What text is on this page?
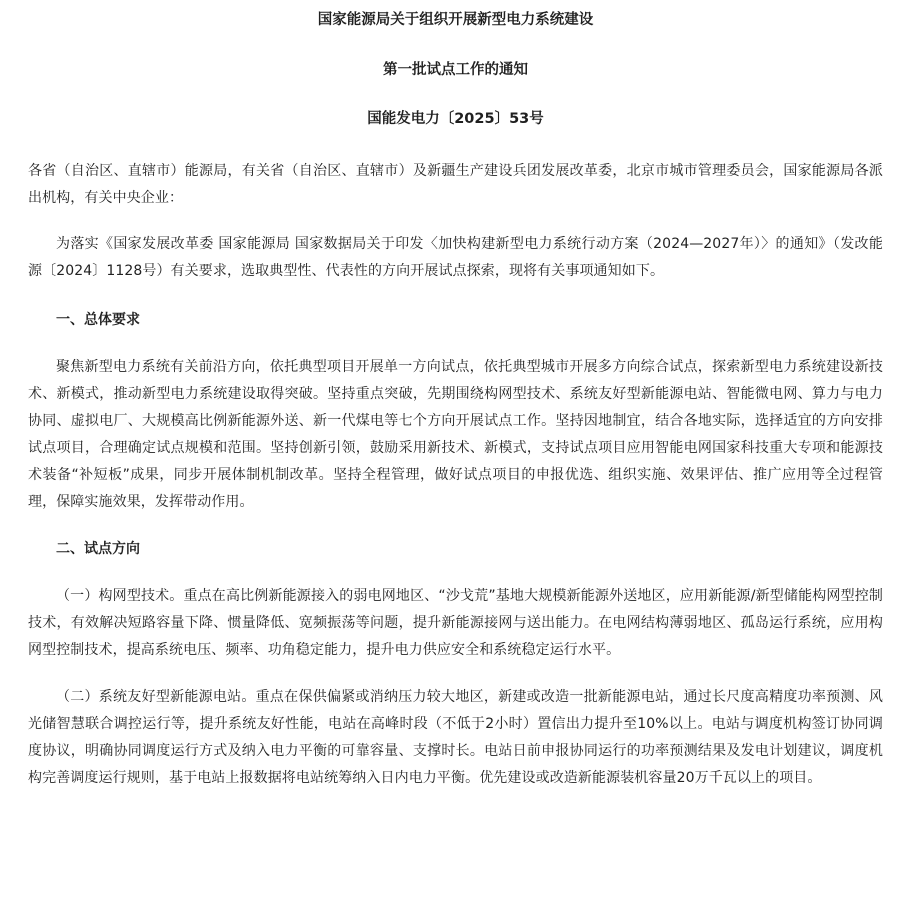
国家能源局关于组织开展新型电力系统建设
第一批试点工作的通知
国能发电力〔2025〕53号

各省（自治区、直辖市）能源局，有关省（自治区、直辖市）及新疆生产建设兵团发展改革委，北京市城市管理委员会，国家能源局各派出机构，有关中央企业：

为落实《国家发展改革委 国家能源局 国家数据局关于印发〈加快构建新型电力系统行动方案（2024—2027年）〉的通知》（发改能源〔2024〕1128号）有关要求，选取典型性、代表性的方向开展试点探索，现将有关事项通知如下。

一、总体要求

聚焦新型电力系统有关前沿方向，依托典型项目开展单一方向试点，依托典型城市开展多方向综合试点，探索新型电力系统建设新技术、新模式，推动新型电力系统建设取得突破。坚持重点突破，先期围绕构网型技术、系统友好型新能源电站、智能微电网、算力与电力协同、虚拟电厂、大规模高比例新能源外送、新一代煤电等七个方向开展试点工作。坚持因地制宜，结合各地实际，选择适宜的方向安排试点项目，合理确定试点规模和范围。坚持创新引领，鼓励采用新技术、新模式，支持试点项目应用智能电网国家科技重大专项和能源技术装备“补短板”成果，同步开展体制机制改革。坚持全程管理，做好试点项目的申报优选、组织实施、效果评估、推广应用等全过程管理，保障实施效果，发挥带动作用。

二、试点方向

（一）构网型技术。重点在高比例新能源接入的弱电网地区、“沙戈荒”基地大规模新能源外送地区，应用新能源/新型储能构网型控制技术，有效解决短路容量下降、惯量降低、宽频振荡等问题，提升新能源接网与送出能力。在电网结构薄弱地区、孤岛运行系统，应用构网型控制技术，提高系统电压、频率、功角稳定能力，提升电力供应安全和系统稳定运行水平。

（二）系统友好型新能源电站。重点在保供偏紧或消纳压力较大地区，新建或改造一批新能源电站，通过长尺度高精度功率预测、风光储智慧联合调控运行等，提升系统友好性能，电站在高峰时段（不低于2小时）置信出力提升至10%以上。电站与调度机构签订协同调度协议，明确协同调度运行方式及纳入电力平衡的可靠容量、支撑时长。电站日前申报协同运行的功率预测结果及发电计划建议，调度机构完善调度运行规则，基于电站上报数据将电站统筹纳入日内电力平衡。优先建设或改造新能源装机容量20万千瓦以上的项目。
